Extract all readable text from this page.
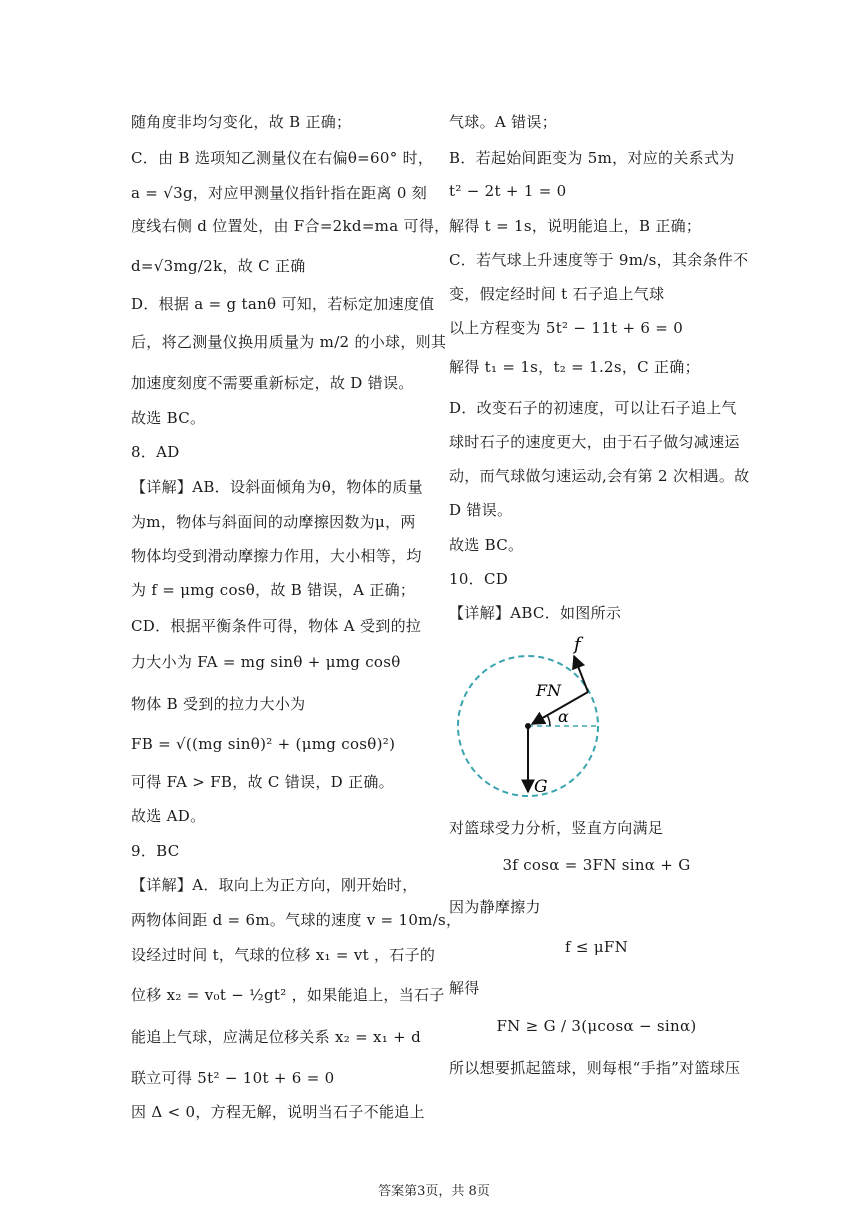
随角度非均匀变化，故 B 正确；
C．由 B 选项知乙测量仪在右偏θ=60° 时，
a = √3g，对应甲测量仪指针指在距离 0 刻
度线右侧 d 位置处，由 F合=2kd=ma 可得，
d=√3mg/2k，故 C 正确
D．根据 a = g tanθ 可知，若标定加速度值
后，将乙测量仪换用质量为 m/2 的小球，则其
加速度刻度不需要重新标定，故 D 错误。
故选 BC。
8．AD
【详解】AB．设斜面倾角为θ，物体的质量
为m，物体与斜面间的动摩擦因数为μ，两
物体均受到滑动摩擦力作用，大小相等，均
为 f = μmg cosθ，故 B 错误，A 正确；
CD．根据平衡条件可得，物体 A 受到的拉
力大小为 FA = mg sinθ + μmg cosθ
物体 B 受到的拉力大小为
FB = √((mg sinθ)² + (μmg cosθ)²)
可得 FA > FB，故 C 错误，D 正确。
故选 AD。
9．BC
【详解】A．取向上为正方向，刚开始时，
两物体间距 d = 6m。气球的速度 v = 10m/s，
设经过时间 t，气球的位移 x₁ = vt ，石子的
位移 x₂ = v₀t − ½gt² ，如果能追上，当石子
能追上气球，应满足位移关系 x₂ = x₁ + d
联立可得 5t² − 10t + 6 = 0
因 Δ < 0，方程无解，说明当石子不能追上
气球。A 错误；
B．若起始间距变为 5m，对应的关系式为
t² − 2t + 1 = 0
解得 t = 1s，说明能追上，B 正确；
C．若气球上升速度等于 9m/s，其余条件不
变，假定经时间 t 石子追上气球
以上方程变为 5t² − 11t + 6 = 0
解得 t₁ = 1s，t₂ = 1.2s，C 正确；
D．改变石子的初速度，可以让石子追上气
球时石子的速度更大，由于石子做匀减速运
动，而气球做匀速运动,会有第 2 次相遇。故
D 错误。
故选 BC。
10．CD
【详解】ABC．如图所示
f
FN
α
G
对篮球受力分析，竖直方向满足
3f cosα = 3FN sinα + G
因为静摩擦力
f ≤ μFN
解得
FN ≥ G / 3(μcosα − sinα)
所以想要抓起篮球，则每根“手指”对篮球压
答案第3页，共 8页
